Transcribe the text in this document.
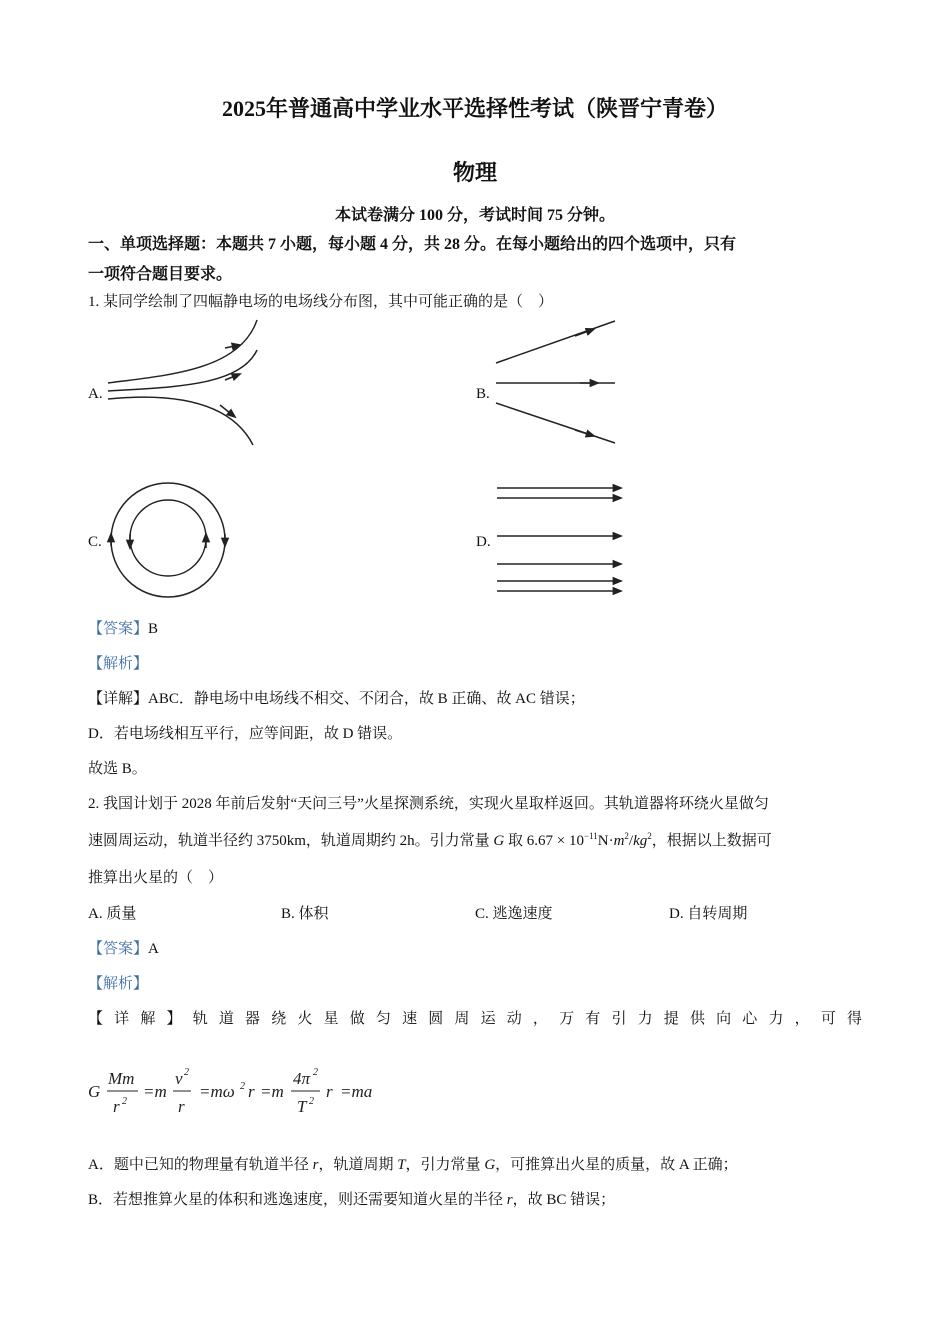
2025年普通高中学业水平选择性考试（陕晋宁青卷）
物理
本试卷满分 100 分，考试时间 75 分钟。
一、单项选择题：本题共 7 小题，每小题 4 分，共 28 分。在每小题给出的四个选项中，只有
一项符合题目要求。
1. 某同学绘制了四幅静电场的电场线分布图，其中可能正确的是（　）
A.	B.
C.	D.
【答案】B
【解析】
【详解】ABC．静电场中电场线不相交、不闭合，故 B 正确、故 AC 错误；
D．若电场线相互平行，应等间距，故 D 错误。
故选 B。
2. 我国计划于 2028 年前后发射“天问三号”火星探测系统，实现火星取样返回。其轨道器将环绕火星做匀
速圆周运动，轨道半径约 3750km，轨道周期约 2h。引力常量 G 取 $6.67 \times 10^{-11}N\cdot m^2/kg^2$，根据以上数据可
推算出火星的（　）
A. 质量	B. 体积	C. 逃逸速度	D. 自转周期
【答案】A
【解析】
【详解】轨道器绕火星做匀速圆周运动，万有引力提供向心力，可得
G
Mm
r 2
=m
v 2
r
=mω 2 r =m
4π 2
T 2
r =ma
A．题中已知的物理量有轨道半径 r，轨道周期 T，引力常量 G，可推算出火星的质量，故 A 正确；
B．若想推算火星的体积和逃逸速度，则还需要知道火星的半径 r，故 BC 错误；
